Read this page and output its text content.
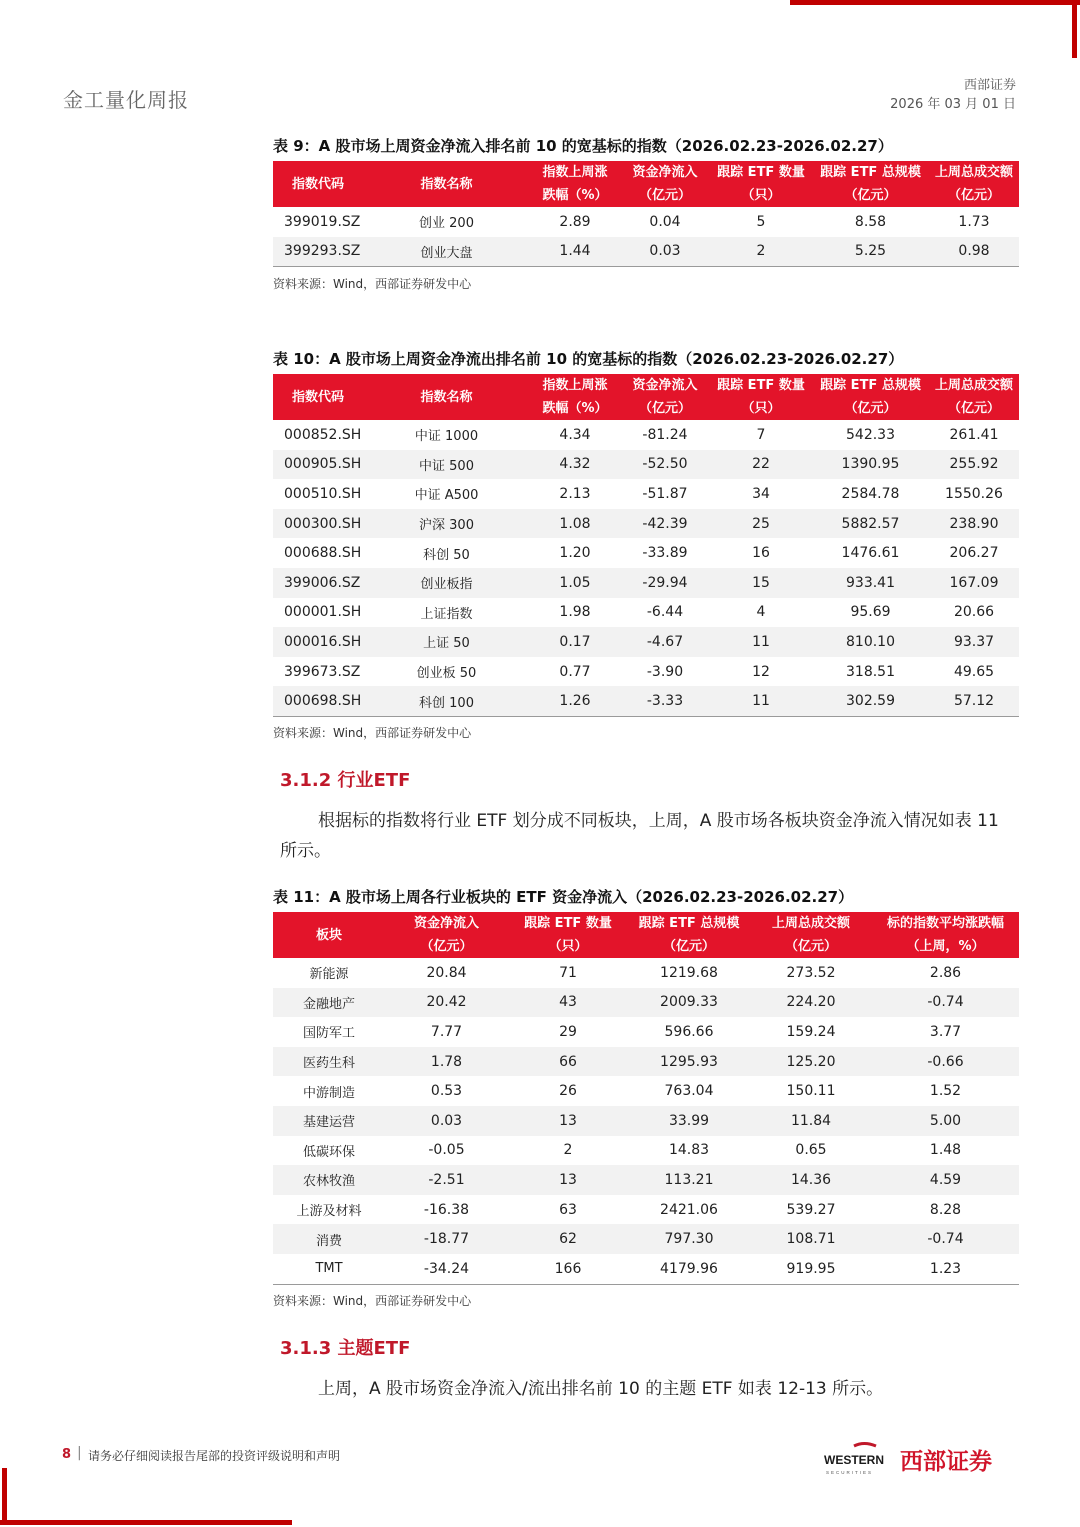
金工量化周报
西部证券
2026 年 03 月 01 日
表 9：A 股市场上周资金净流入排名前 10 的宽基标的指数（2026.02.23-2026.02.27）
指数代码	指数名称	指数上周涨	资金净流入	跟踪 ETF 数量	跟踪 ETF 总规模	上周总成交额
		跌幅（%）	（亿元）	（只）	（亿元）	（亿元）
399019.SZ	创业 200	2.89	0.04	5	8.58	1.73
399293.SZ	创业大盘	1.44	0.03	2	5.25	0.98
资料来源：Wind，西部证券研发中心
表 10：A 股市场上周资金净流出排名前 10 的宽基标的指数（2026.02.23-2026.02.27）
指数代码	指数名称	指数上周涨	资金净流入	跟踪 ETF 数量	跟踪 ETF 总规模	上周总成交额
		跌幅（%）	（亿元）	（只）	（亿元）	（亿元）
000852.SH	中证 1000	4.34	-81.24	7	542.33	261.41
000905.SH	中证 500	4.32	-52.50	22	1390.95	255.92
000510.SH	中证 A500	2.13	-51.87	34	2584.78	1550.26
000300.SH	沪深 300	1.08	-42.39	25	5882.57	238.90
000688.SH	科创 50	1.20	-33.89	16	1476.61	206.27
399006.SZ	创业板指	1.05	-29.94	15	933.41	167.09
000001.SH	上证指数	1.98	-6.44	4	95.69	20.66
000016.SH	上证 50	0.17	-4.67	11	810.10	93.37
399673.SZ	创业板 50	0.77	-3.90	12	318.51	49.65
000698.SH	科创 100	1.26	-3.33	11	302.59	57.12
资料来源：Wind，西部证券研发中心
3.1.2 行业ETF
根据标的指数将行业 ETF 划分成不同板块，上周，A 股市场各板块资金净流入情况如表 11 所示。
表 11：A 股市场上周各行业板块的 ETF 资金净流入（2026.02.23-2026.02.27）
板块	资金净流入	跟踪 ETF 数量	跟踪 ETF 总规模	上周总成交额	标的指数平均涨跌幅
	（亿元）	（只）	（亿元）	（亿元）	（上周，%）
新能源	20.84	71	1219.68	273.52	2.86
金融地产	20.42	43	2009.33	224.20	-0.74
国防军工	7.77	29	596.66	159.24	3.77
医药生科	1.78	66	1295.93	125.20	-0.66
中游制造	0.53	26	763.04	150.11	1.52
基建运营	0.03	13	33.99	11.84	5.00
低碳环保	-0.05	2	14.83	0.65	1.48
农林牧渔	-2.51	13	113.21	14.36	4.59
上游及材料	-16.38	63	2421.06	539.27	8.28
消费	-18.77	62	797.30	108.71	-0.74
TMT	-34.24	166	4179.96	919.95	1.23
资料来源：Wind，西部证券研发中心
3.1.3 主题ETF
上周，A 股市场资金净流入/流出排名前 10 的主题 ETF 如表 12-13 所示。
8 | 请务必仔细阅读报告尾部的投资评级说明和声明	WESTERN
SECURITIES 西部证券
